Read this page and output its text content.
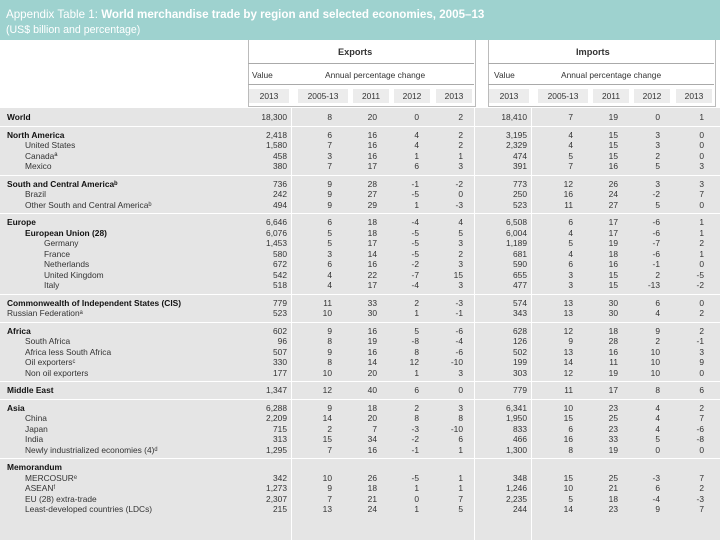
Appendix Table 1: World merchandise trade by region and selected economies, 2005–13
(US$ billion and percentage)
Exports	Imports
Value	Annual percentage change	Value	Annual percentage change
2013	2005-13	2011	2012	2013	2013	2005-13	2011	2012	2013
World	18,300	8	20	0	2	18,410	7	19	0	1
North America	2,418	6	16	4	2	3,195	4	15	3	0
United States	1,580	7	16	4	2	2,329	4	15	3	0
Canadaª	458	3	16	1	1	474	5	15	2	0
Mexico	380	7	17	6	3	391	7	16	5	3
South and Central Americaᵇ	736	9	28	-1	-2	773	12	26	3	3
Brazil	242	9	27	-5	0	250	16	24	-2	7
Other South and Central Americaᵇ	494	9	29	1	-3	523	11	27	5	0
Europe	6,646	6	18	-4	4	6,508	6	17	-6	1
European Union (28)	6,076	5	18	-5	5	6,004	4	17	-6	1
Germany	1,453	5	17	-5	3	1,189	5	19	-7	2
France	580	3	14	-5	2	681	4	18	-6	1
Netherlands	672	6	16	-2	3	590	6	16	-1	0
United Kingdom	542	4	22	-7	15	655	3	15	2	-5
Italy	518	4	17	-4	3	477	3	15	-13	-2
Commonwealth of Independent States (CIS)	779	11	33	2	-3	574	13	30	6	0
Russian Federationᵃ	523	10	30	1	-1	343	13	30	4	2
Africa	602	9	16	5	-6	628	12	18	9	2
South Africa	96	8	19	-8	-4	126	9	28	2	-1
Africa less South Africa	507	9	16	8	-6	502	13	16	10	3
Oil exportersᶜ	330	8	14	12	-10	199	14	11	10	9
Non oil exporters	177	10	20	1	3	303	12	19	10	0
Middle East	1,347	12	40	6	0	779	11	17	8	6
Asia	6,288	9	18	2	3	6,341	10	23	4	2
China	2,209	14	20	8	8	1,950	15	25	4	7
Japan	715	2	7	-3	-10	833	6	23	4	-6
India	313	15	34	-2	6	466	16	33	5	-8
Newly industrialized economies (4)ᵈ	1,295	7	16	-1	1	1,300	8	19	0	0
Memorandum
MERCOSURᵉ	342	10	26	-5	1	348	15	25	-3	7
ASEANᶠ	1,273	9	18	1	1	1,246	10	21	6	2
EU (28) extra-trade	2,307	7	21	0	7	2,235	5	18	-4	-3
Least-developed countries (LDCs)	215	13	24	1	5	244	14	23	9	7
